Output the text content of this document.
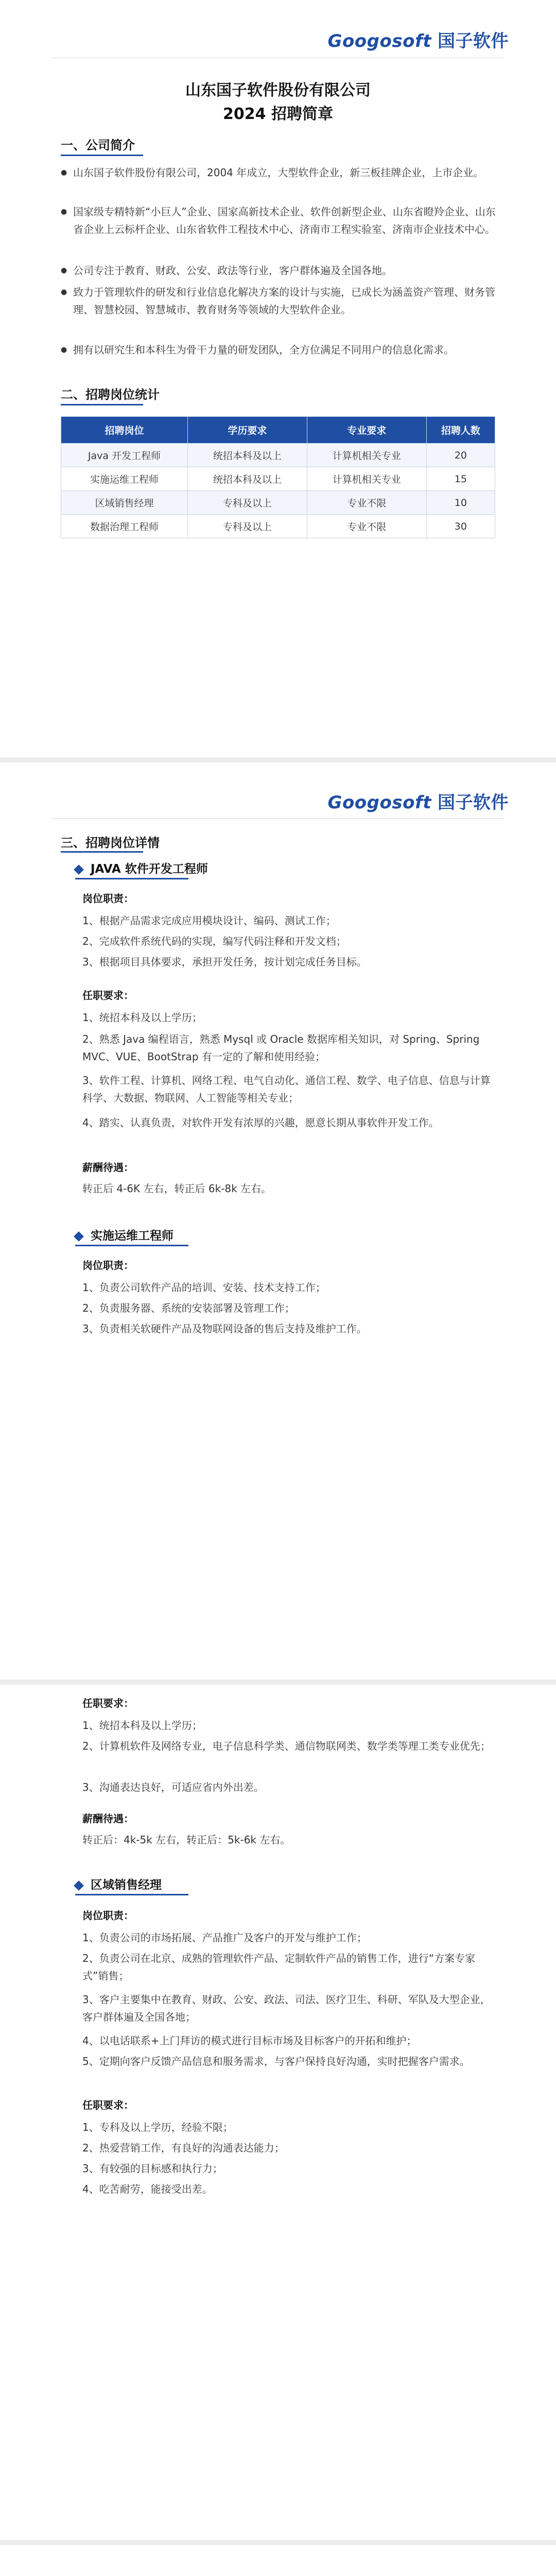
Googosoft 国子软件
山东国子软件股份有限公司
2024 招聘简章
一、公司简介
● 山东国子软件股份有限公司，2004 年成立，大型软件企业，新三板挂牌企业，上市企业。
● 国家级专精特新“小巨人”企业、国家高新技术企业、软件创新型企业、山东省瞪羚企业、山东省企业上云标杆企业、山东省软件工程技术中心、济南市工程实验室、济南市企业技术中心。
● 公司专注于教育、财政、公安、政法等行业，客户群体遍及全国各地。
● 致力于管理软件的研发和行业信息化解决方案的设计与实施，已成长为涵盖资产管理、财务管理、智慧校园、智慧城市、教育财务等领域的大型软件企业。
● 拥有以研究生和本科生为骨干力量的研发团队，全方位满足不同用户的信息化需求。
二、招聘岗位统计
招聘岗位	学历要求	专业要求	招聘人数
Java 开发工程师	统招本科及以上	计算机相关专业	20
实施运维工程师	统招本科及以上	计算机相关专业	15
区域销售经理	专科及以上	专业不限	10
数据治理工程师	专科及以上	专业不限	30
Googosoft 国子软件
三、招聘岗位详情
JAVA 软件开发工程师
岗位职责：
1、根据产品需求完成应用模块设计、编码、测试工作；
2、完成软件系统代码的实现，编写代码注释和开发文档；
3、根据项目具体要求，承担开发任务，按计划完成任务目标。
任职要求：
1、统招本科及以上学历；
2、熟悉 Java 编程语言，熟悉 Mysql 或 Oracle 数据库相关知识，对 Spring、Spring MVC、VUE、BootStrap 有一定的了解和使用经验；
3、软件工程、计算机、网络工程、电气自动化、通信工程、数学、电子信息、信息与计算科学、大数据、物联网、人工智能等相关专业；
4、踏实、认真负责，对软件开发有浓厚的兴趣，愿意长期从事软件开发工作。
薪酬待遇：
转正后 4-6K 左右，转正后 6k-8k 左右。
实施运维工程师
岗位职责：
1、负责公司软件产品的培训、安装、技术支持工作；
2、负责服务器、系统的安装部署及管理工作；
3、负责相关软硬件产品及物联网设备的售后支持及维护工作。
任职要求：
1、统招本科及以上学历；
2、计算机软件及网络专业，电子信息科学类、通信物联网类、数学类等理工类专业优先；
3、沟通表达良好，可适应省内外出差。
薪酬待遇：
转正后：4k-5k 左右，转正后：5k-6k 左右。
区域销售经理
岗位职责：
1、负责公司的市场拓展、产品推广及客户的开发与维护工作；
2、负责公司在北京、成熟的管理软件产品、定制软件产品的销售工作，进行“方案专家式”销售；
3、客户主要集中在教育、财政、公安、政法、司法、医疗卫生、科研、军队及大型企业，客户群体遍及全国各地；
4、以电话联系+上门拜访的模式进行目标市场及目标客户的开拓和维护；
5、定期向客户反馈产品信息和服务需求，与客户保持良好沟通，实时把握客户需求。
任职要求：
1、专科及以上学历，经验不限；
2、热爱营销工作，有良好的沟通表达能力；
3、有较强的目标感和执行力；
4、吃苦耐劳，能接受出差。
